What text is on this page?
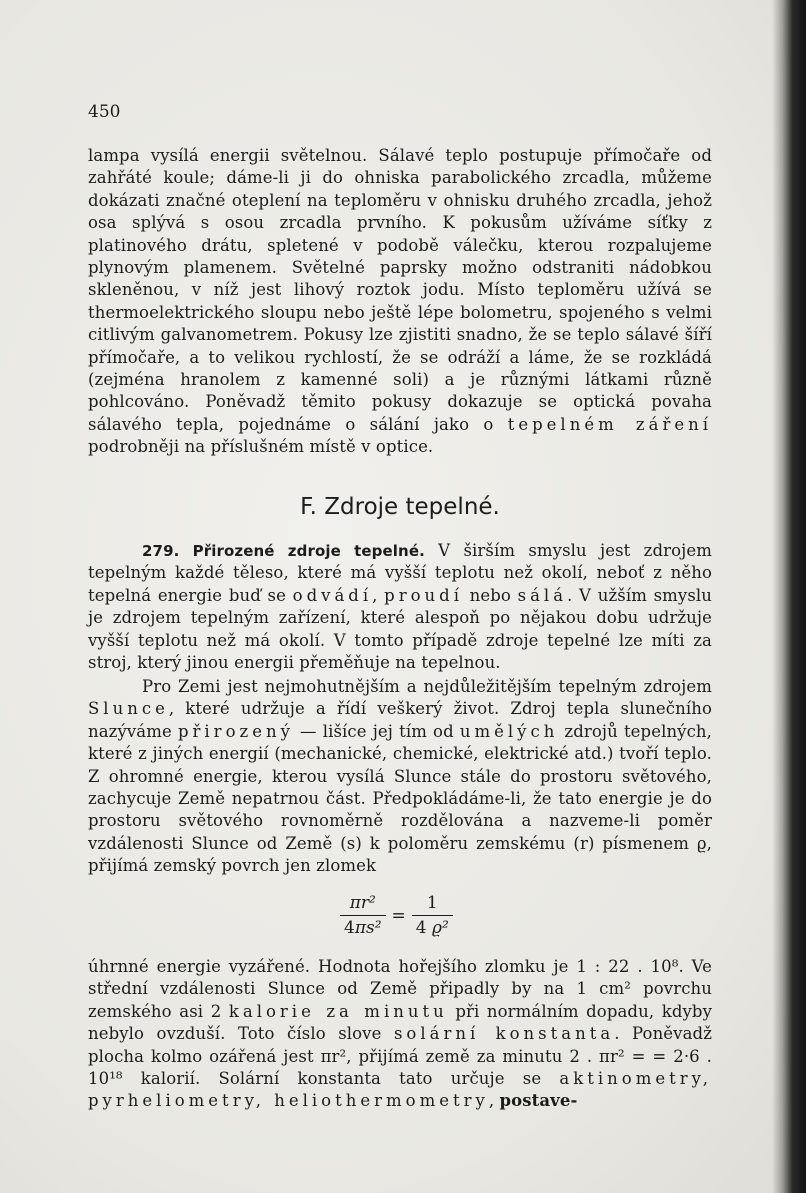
450

lampa vysílá energii světelnou. Sálavé teplo postupuje přímočaře od zahřáté koule; dáme-li ji do ohniska parabolického zrcadla, můžeme dokázati značné oteplení na teploměru v ohnisku druhého zrcadla, jehož osa splývá s osou zrcadla prvního. K pokusům užíváme síťky z platinového drátu, spletené v podobě válečku, kterou rozpalujeme plynovým plamenem. Světelné paprsky možno odstraniti nádobkou skleněnou, v níž jest lihový roztok jodu. Místo teploměru užívá se thermoelektrického sloupu nebo ještě lépe bolometru, spojeného s velmi citlivým galvanometrem. Pokusy lze zjistiti snadno, že se teplo sálavé šíří přímočaře, a to velikou rychlostí, že se odráží a láme, že se rozkládá (zejména hranolem z kamenné soli) a je různými látkami různě pohlcováno. Poněvadž těmito pokusy dokazuje se optická povaha sálavého tepla, pojednáme o sálání jako o tepelném záření podrobněji na příslušném místě v optice.

F. Zdroje tepelné.

279. Přirozené zdroje tepelné. V širším smyslu jest zdrojem tepelným každé těleso, které má vyšší teplotu než okolí, neboť z něho tepelná energie buď se odvádí, proudí nebo sálá. V užším smyslu je zdrojem tepelným zařízení, které alespoň po nějakou dobu udržuje vyšší teplotu než má okolí. V tomto případě zdroje tepelné lze míti za stroj, který jinou energii přeměňuje na tepelnou.

Pro Zemi jest nejmohutnějším a nejdůležitějším tepelným zdrojem Slunce, které udržuje a řídí veškerý život. Zdroj tepla slunečního nazýváme přirozený — lišíce jej tím od umělých zdrojů tepelných, které z jiných energií (mechanické, chemické, elektrické atd.) tvoří teplo. Z ohromné energie, kterou vysílá Slunce stále do prostoru světového, zachycuje Země nepatrnou část. Předpokládáme-li, že tato energie je do prostoru světového rovnoměrně rozdělována a nazveme-li poměr vzdálenosti Slunce od Země (s) k poloměru zemskému (r) písmenem ϱ, přijímá zemský povrch jen zlomek

$\frac{\text{πr²}}{\text{4πs²}} = \frac{1}{\text{4 ϱ²}}$

úhrnné energie vyzářené. Hodnota hořejšího zlomku je 1 : 22 . 10⁸. Ve střední vzdálenosti Slunce od Země připadly by na 1 cm² povrchu zemského asi 2 kalorie za minutu při normálním dopadu, kdyby nebylo ovzduší. Toto číslo slove solární konstanta. Poněvadž plocha kolmo ozářená jest πr², přijímá země za minutu 2 . πr² = = 2·6 . 10¹⁸ kalorií. Solární konstanta tato určuje se aktinometry, pyrheliometry, heliothermometry, postave-
